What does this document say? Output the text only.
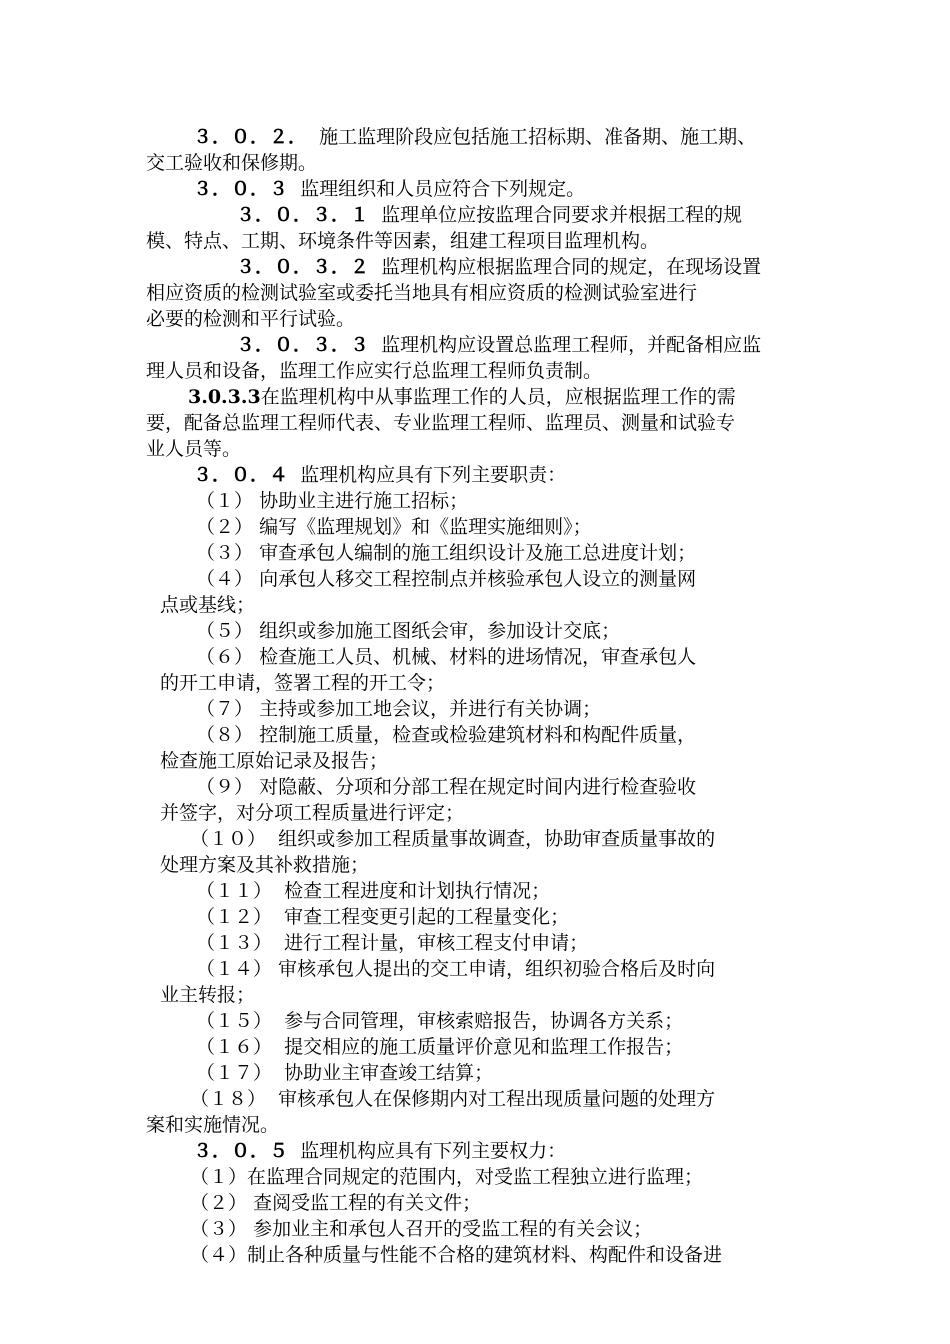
３．０．２． 施工监理阶段应包括施工招标期、准备期、施工期、
交工验收和保修期。
３．０．３ 监理组织和人员应符合下列规定。
３．０．３．１ 监理单位应按监理合同要求并根据工程的规
模、特点、工期、环境条件等因素，组建工程项目监理机构。
３．０．３．２ 监理机构应根据监理合同的规定，在现场设置
相应资质的检测试验室或委托当地具有相应资质的检测试验室进行
必要的检测和平行试验。
３．０．３．３ 监理机构应设置总监理工程师，并配备相应监
理人员和设备，监理工作应实行总监理工程师负责制。
3.0.3.3在监理机构中从事监理工作的人员，应根据监理工作的需
要，配备总监理工程师代表、专业监理工程师、监理员、测量和试验专
业人员等。
３．０．４ 监理机构应具有下列主要职责：
（１） 协助业主进行施工招标；
（２） 编写《监理规划》和《监理实施细则》；
（３） 审查承包人编制的施工组织设计及施工总进度计划；
（４） 向承包人移交工程控制点并核验承包人设立的测量网
点或基线；
（５） 组织或参加施工图纸会审，参加设计交底；
（６） 检查施工人员、机械、材料的进场情况，审查承包人
的开工申请，签署工程的开工令；
（７） 主持或参加工地会议，并进行有关协调；
（８） 控制施工质量，检查或检验建筑材料和构配件质量，
检查施工原始记录及报告；
（９） 对隐蔽、分项和分部工程在规定时间内进行检查验收
并签字，对分项工程质量进行评定；
（１０） 组织或参加工程质量事故调查，协助审查质量事故的
处理方案及其补救措施；
（１１） 检查工程进度和计划执行情况；
（１２） 审查工程变更引起的工程量变化；
（１３） 进行工程计量，审核工程支付申请；
（１４） 审核承包人提出的交工申请，组织初验合格后及时向
业主转报；
（１５） 参与合同管理，审核索赔报告，协调各方关系；
（１６） 提交相应的施工质量评价意见和监理工作报告；
（１７） 协助业主审查竣工结算；
（１８） 审核承包人在保修期内对工程出现质量问题的处理方
案和实施情况。
３．０．５ 监理机构应具有下列主要权力：
（１）在监理合同规定的范围内，对受监工程独立进行监理；
（２） 查阅受监工程的有关文件；
（３） 参加业主和承包人召开的受监工程的有关会议；
（４）制止各种质量与性能不合格的建筑材料、构配件和设备进
